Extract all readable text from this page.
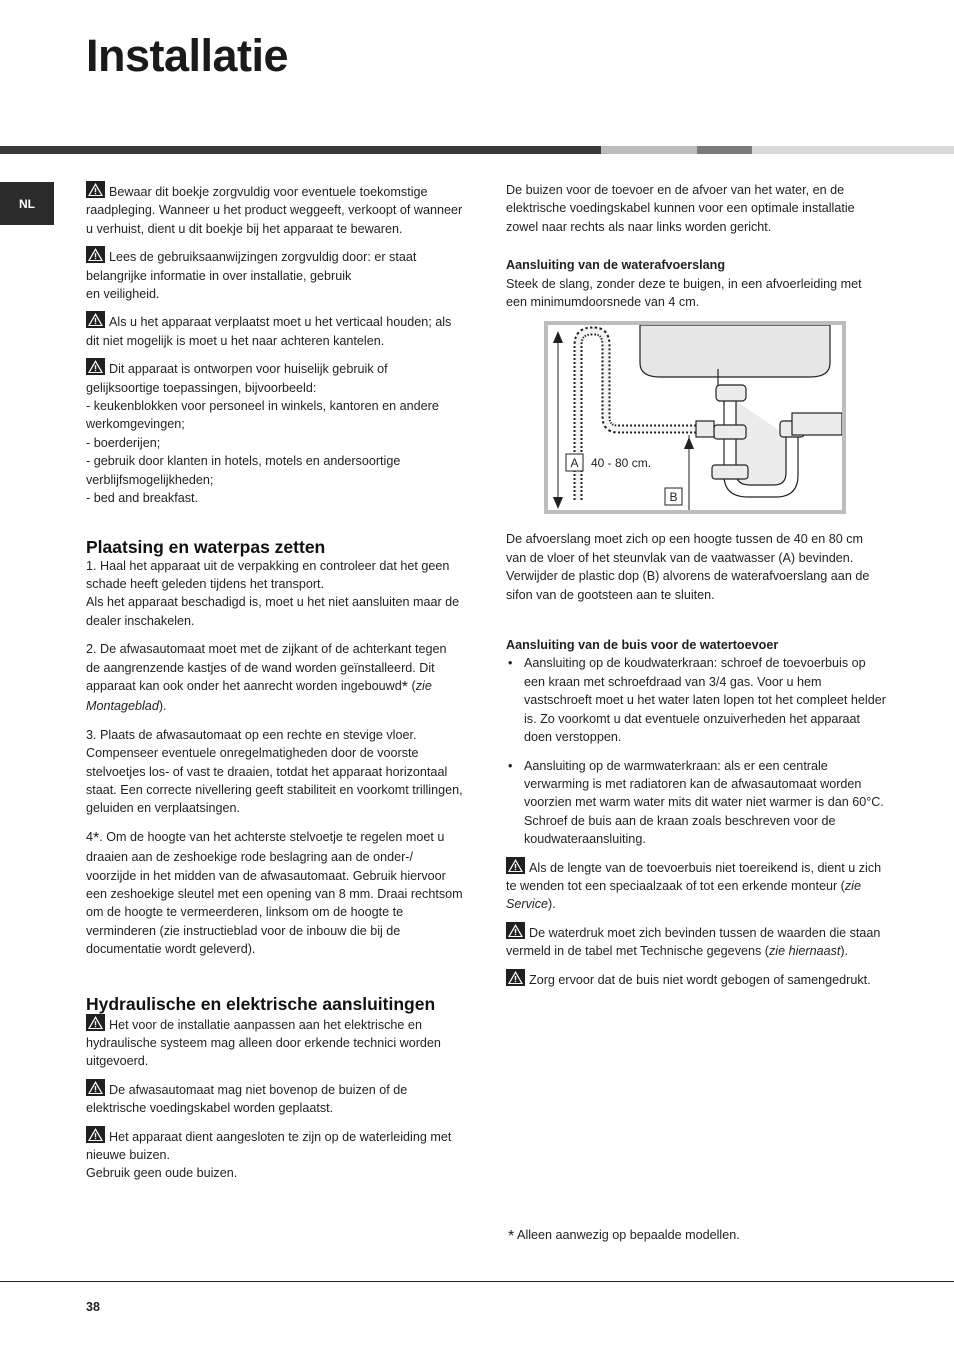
Installatie
NL

Bewaar dit boekje zorgvuldig voor eventuele toekomstige raadpleging. Wanneer u het product weggeeft, verkoopt of wanneer u verhuist, dient u dit boekje bij het apparaat te bewaren.

Lees de gebruiksaanwijzingen zorgvuldig door: er staat belangrijke informatie in over installatie, gebruik
en veiligheid.

Als u het apparaat verplaatst moet u het verticaal houden; als dit niet mogelijk is moet u het naar achteren kantelen.

Dit apparaat is ontworpen voor huiselijk gebruik of gelijksoortige toepassingen, bijvoorbeeld:
- keukenblokken voor personeel in winkels, kantoren en andere werkomgevingen;
- boerderijen;
- gebruik door klanten in hotels, motels en andersoortige verblijfsmogelijkheden;
- bed and breakfast.

Plaatsing en waterpas zetten

1. Haal het apparaat uit de verpakking en controleer dat het geen schade heeft geleden tijdens het transport.
Als het apparaat beschadigd is, moet u het niet aansluiten maar de dealer inschakelen.

2. De afwasautomaat moet met de zijkant of de achterkant tegen de aangrenzende kastjes of de wand worden geïnstalleerd. Dit apparaat kan ook onder het aanrecht worden ingebouwd* (zie Montageblad).

3. Plaats de afwasautomaat op een rechte en stevige vloer. Compenseer eventuele onregelmatigheden door de voorste stelvoetjes los- of vast te draaien, totdat het apparaat horizontaal staat. Een correcte nivellering geeft stabiliteit en voorkomt trillingen, geluiden en verplaatsingen.

4*. Om de hoogte van het achterste stelvoetje te regelen moet u draaien aan de zeshoekige rode beslagring aan de onder-/ voorzijde in het midden van de afwasautomaat. Gebruik hiervoor een zeshoekige sleutel met een opening van 8 mm. Draai rechtsom om de hoogte te vermeerderen, linksom om de hoogte te verminderen (zie instructieblad voor de inbouw die bij de documentatie wordt geleverd).

Hydraulische en elektrische aansluitingen

Het voor de installatie aanpassen aan het elektrische en hydraulische systeem mag alleen door erkende technici worden uitgevoerd.

De afwasautomaat mag niet bovenop de buizen of de elektrische voedingskabel worden geplaatst.

Het apparaat dient aangesloten te zijn op de waterleiding met nieuwe buizen.
Gebruik geen oude buizen.

De buizen voor de toevoer en de afvoer van het water, en de elektrische voedingskabel kunnen voor een optimale installatie zowel naar rechts als naar links worden gericht.

Aansluiting van de waterafvoerslang

Steek de slang, zonder deze te buigen, in een afvoerleiding met een minimumdoorsnede van 4 cm.

A 40 - 80 cm.
B

De afvoerslang moet zich op een hoogte tussen de 40 en 80 cm van de vloer of het steunvlak van de vaatwasser (A) bevinden.

Verwijder de plastic dop (B) alvorens de waterafvoerslang aan de sifon van de gootsteen aan te sluiten.

Aansluiting van de buis voor de watertoevoer

• Aansluiting op de koudwaterkraan: schroef de toevoerbuis op een kraan met schroefdraad van 3/4 gas. Voor u hem vastschroeft moet u het water laten lopen tot het compleet helder is. Zo voorkomt u dat eventuele onzuiverheden het apparaat doen verstoppen.
• Aansluiting op de warmwaterkraan: als er een centrale verwarming is met radiatoren kan de afwasautomaat worden voorzien met warm water mits dit water niet warmer is dan 60°C.
Schroef de buis aan de kraan zoals beschreven voor de koudwateraansluiting.

Als de lengte van de toevoerbuis niet toereikend is, dient u zich te wenden tot een speciaalzaak of tot een erkende monteur (zie Service).

De waterdruk moet zich bevinden tussen de waarden die staan vermeld in de tabel met Technische gegevens (zie hiernaast).

Zorg ervoor dat de buis niet wordt gebogen of samengedrukt.

* Alleen aanwezig op bepaalde modellen.
38
